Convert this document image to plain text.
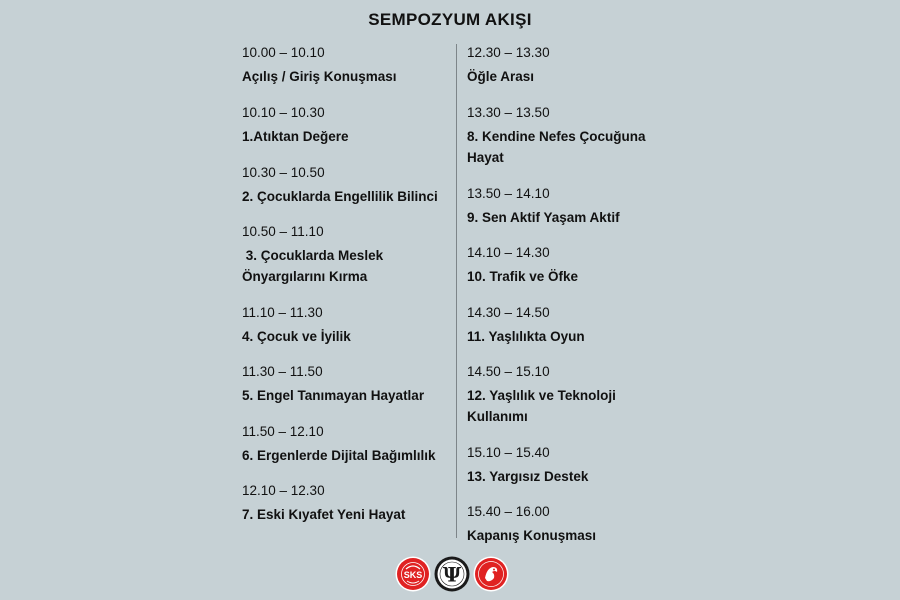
SEMPOZYUM AKIŞI
10.00 – 10.10
Açılış / Giriş Konuşması
10.10 – 10.30
1.Atıktan Değere
10.30 – 10.50
2. Çocuklarda Engellilik Bilinci
10.50 – 11.10
3. Çocuklarda Meslek
Önyargılarını Kırma
11.10 – 11.30
4. Çocuk ve İyilik
11.30 – 11.50
5. Engel Tanımayan Hayatlar
11.50 – 12.10
6. Ergenlerde Dijital Bağımlılık
12.10 – 12.30
7. Eski Kıyafet Yeni Hayat
12.30 – 13.30
Öğle Arası
13.30 – 13.50
8. Kendine Nefes Çocuğuna
Hayat
13.50 – 14.10
9. Sen Aktif Yaşam Aktif
14.10 – 14.30
10. Trafik ve Öfke
14.30 – 14.50
11. Yaşlılıkta Oyun
14.50 – 15.10
12. Yaşlılık ve Teknoloji
Kullanımı
15.10 – 15.40
13. Yargısız Destek
15.40 – 16.00
Kapanış Konuşması
SKS Ψ
